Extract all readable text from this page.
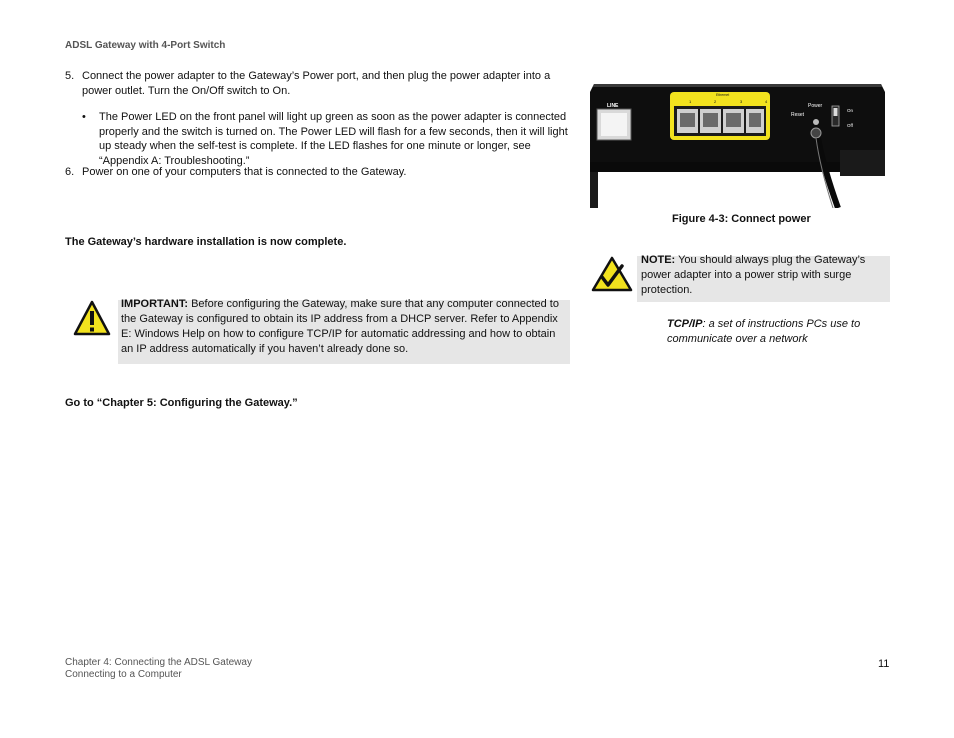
ADSL Gateway with 4-Port Switch
5. Connect the power adapter to the Gateway’s Power port, and then plug the power adapter into a power outlet. Turn the On/Off switch to On.
• The Power LED on the front panel will light up green as soon as the power adapter is connected properly and the switch is turned on. The Power LED will flash for a few seconds, then it will light up steady when the self-test is complete. If the LED flashes for one minute or longer, see “Appendix A: Troubleshooting.”
6. Power on one of your computers that is connected to the Gateway.
The Gateway’s hardware installation is now complete.
IMPORTANT: Before configuring the Gateway, make sure that any computer connected to the Gateway is configured to obtain its IP address from a DHCP server. Refer to Appendix E: Windows Help on how to configure TCP/IP for automatic addressing and how to obtain an IP address automatically if you haven’t already done so.
Go to “Chapter 5: Configuring the Gateway.”
LINE
Ethernet
1	2	3	4
Power
Reset
On
Off
Figure 4-3: Connect power
NOTE: You should always plug the Gateway’s power adapter into a power strip with surge protection.
TCP/IP: a set of instructions PCs use to communicate over a network
Chapter 4: Connecting the ADSL Gateway
Connecting to a Computer
11
